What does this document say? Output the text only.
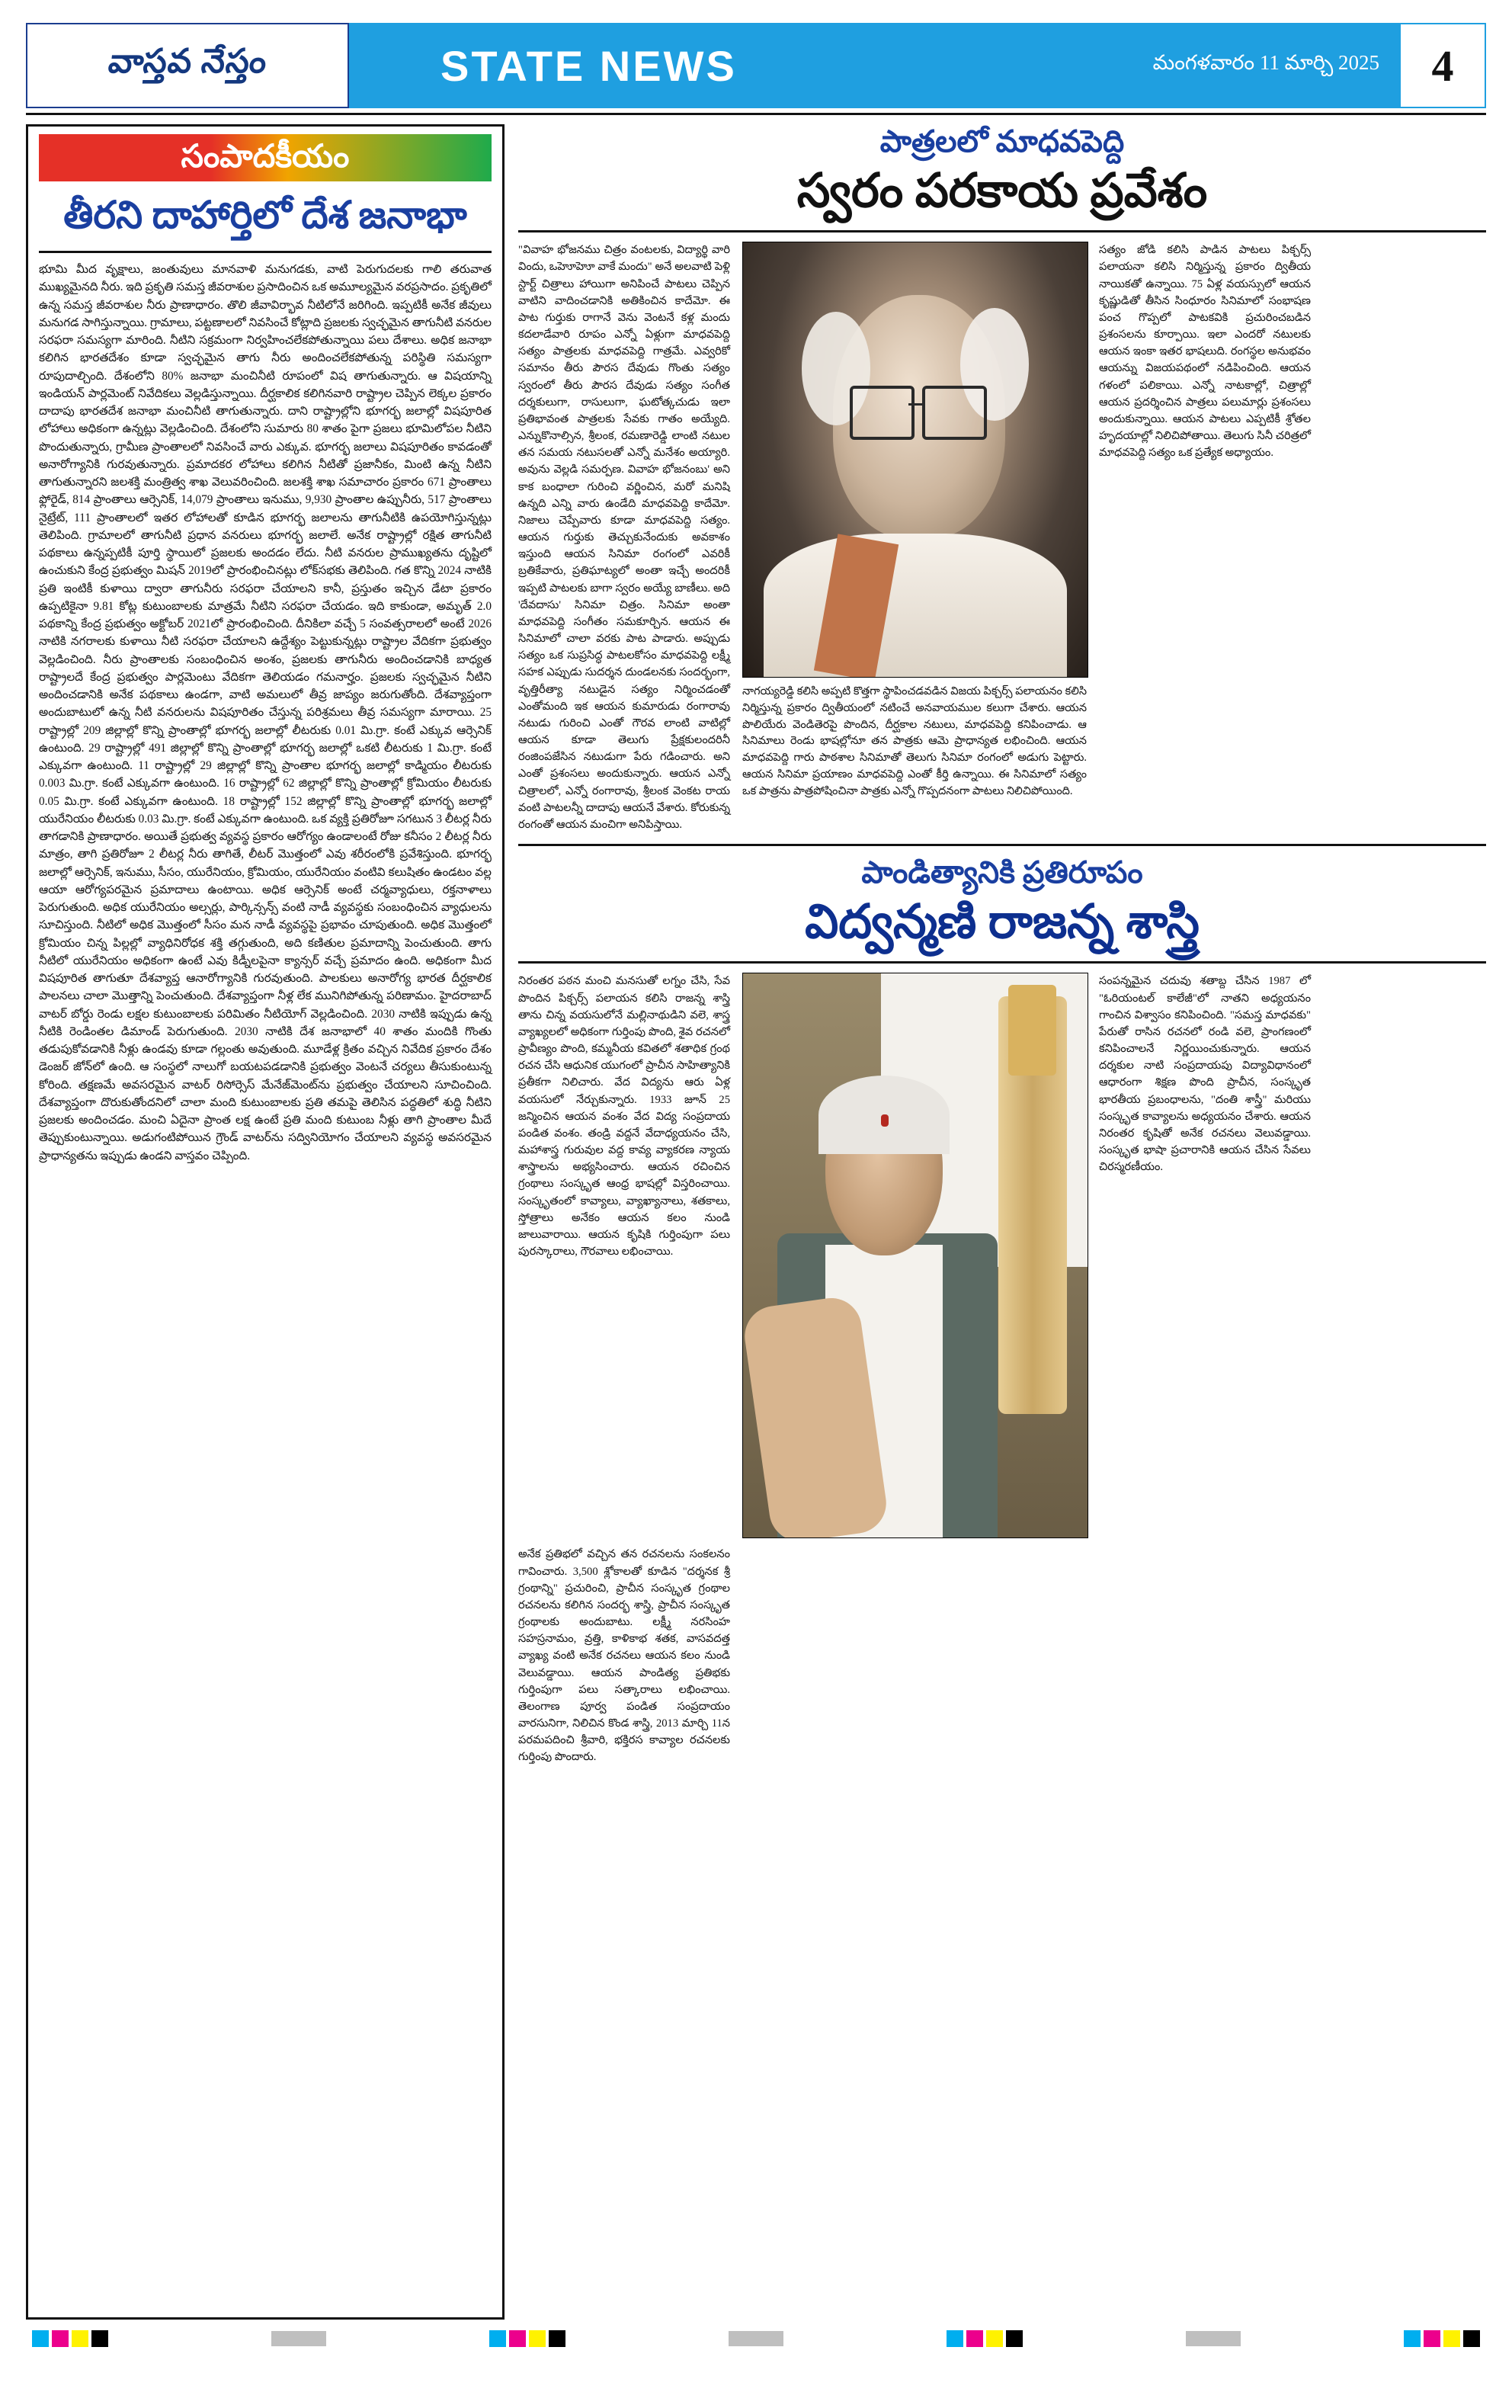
వాస్తవ నేస్తం	STATE NEWS	మంగళవారం 11 మార్చి 2025 4
సంపాదకీయం
తీరని దాహార్తిలో దేశ జనాభా
భూమి మీద వృక్షాలు, జంతువులు మానవాళి మనుగడకు, వాటి పెరుగుదలకు గాలి తరువాత ముఖ్యమైనది నీరు. ఇది ప్రకృతి సమస్త జీవరాశుల ప్రసాదించిన ఒక అమూల్యమైన వరప్రసాదం. ప్రకృతిలో ఉన్న సమస్త జీవరాశుల నీరు ప్రాణాధారం. తొలి జీవావిర్భావ నీటిలోనే జరిగింది. ఇప్పటికీ అనేక జీవులు మనుగడ సాగిస్తున్నాయి. గ్రామాలు, పట్టణాలలో నివసించే కోట్లాది ప్రజలకు స్వచ్ఛమైన తాగునీటి వనరుల సరఫరా సమస్యగా మారింది. నీటిని సక్రమంగా నిర్వహించలేకపోతున్నాయి పలు దేశాలు. అధిక జనాభా కలిగిన భారతదేశం కూడా స్వచ్ఛమైన తాగు నీరు అందించలేకపోతున్న పరిస్థితి సమస్యగా రూపుదాల్చింది. దేశంలోని 80% జనాభా మంచినీటి రూపంలో విష తాగుతున్నారు. ఆ విషయాన్ని ఇండియన్ పార్లమెంట్ నివేదికలు వెల్లడిస్తున్నాయి. దీర్ఘకాలిక కలిగినవారి రాష్ట్రాల చెప్పిన లెక్కల ప్రకారం దాదాపు భారతదేశ జనాభా మంచినీటి తాగుతున్నారు. దాని రాష్ట్రాల్లోని భూగర్భ జలాల్లో విషపూరిత లోహాలు అధికంగా ఉన్నట్లు వెల్లడించింది. దేశంలోని సుమారు 80 శాతం పైగా ప్రజలు భూమిలోపల నీటిని పొందుతున్నారు, గ్రామీణ ప్రాంతాలలో నివసించే వారు ఎక్కువ. భూగర్భ జలాలు విషపూరితం కావడంతో అనారోగ్యానికి గురవుతున్నారు. ప్రమాదకర లోహాలు కలిగిన నీటితో ప్రజానీకం, మింటి ఉన్న నీటిని తాగుతున్నారని జలశక్తి మంత్రిత్వ శాఖ వెలువరించింది. జలశక్తి శాఖ సమాచారం ప్రకారం 671 ప్రాంతాలు ఫ్లోరైడ్, 814 ప్రాంతాలు ఆర్సెనిక్, 14,079 ప్రాంతాలు ఇనుము, 9,930 ప్రాంతాల ఉప్పునీరు, 517 ప్రాంతాలు నైట్రేట్, 111 ప్రాంతాలలో ఇతర లోహాలతో కూడిన భూగర్భ జలాలను తాగునీటికి ఉపయోగిస్తున్నట్లు తెలిపింది. గ్రామాలలో తాగునీటి ప్రధాన వనరులు భూగర్భ జలాలే. అనేక రాష్ట్రాల్లో రక్షిత తాగునీటి పథకాలు ఉన్నప్పటికీ పూర్తి స్థాయిలో ప్రజలకు అందడం లేదు. నీటి వనరుల ప్రాముఖ్యతను దృష్టిలో ఉంచుకుని కేంద్ర ప్రభుత్వం మిషన్ 2019లో ప్రారంభించినట్లు లోక్‌సభకు తెలిపింది. గత కొన్ని 2024 నాటికి ప్రతి ఇంటికీ కుళాయి ద్వారా తాగునీరు సరఫరా చేయాలని కానీ, ప్రస్తుతం ఇచ్చిన డేటా ప్రకారం ఉప్పటికైనా 9.81 కోట్ల కుటుంబాలకు మాత్రమే నీటిని సరఫరా చేయడం. ఇది కాకుండా, అమృత్ 2.0 పథకాన్ని కేంద్ర ప్రభుత్వం అక్టోబర్ 2021లో ప్రారంభించింది. దీనికిలా వచ్చే 5 సంవత్సరాలలో అంటే 2026 నాటికి నగరాలకు కుళాయి నీటి సరఫరా చేయాలని ఉద్దేశ్యం పెట్టుకున్నట్లు రాష్ట్రాల వేదికగా ప్రభుత్వం వెల్లడించింది. నీరు ప్రాంతాలకు సంబంధించిన అంశం, ప్రజలకు తాగునీరు అందించడానికి బాధ్యత రాష్ట్రాలదే కేంద్ర ప్రభుత్వం పార్లమెంటు వేదికగా తెలియడం గమనార్హం. ప్రజలకు స్వచ్ఛమైన నీటిని అందించడానికి అనేక పథకాలు ఉండగా, వాటి అమలులో తీవ్ర జాప్యం జరుగుతోంది. దేశవ్యాప్తంగా అందుబాటులో ఉన్న నీటి వనరులను విషపూరితం చేస్తున్న పరిశ్రమలు తీవ్ర సమస్యగా మారాయి. 25 రాష్ట్రాల్లో 209 జిల్లాల్లో కొన్ని ప్రాంతాల్లో భూగర్భ జలాల్లో లీటరుకు 0.01 మి.గ్రా. కంటే ఎక్కువ ఆర్సెనిక్ ఉంటుంది. 29 రాష్ట్రాల్లో 491 జిల్లాల్లో కొన్ని ప్రాంతాల్లో భూగర్భ జలాల్లో ఒకటి లీటరుకు 1 మి.గ్రా. కంటే ఎక్కువగా ఉంటుంది. 11 రాష్ట్రాల్లో 29 జిల్లాల్లో కొన్ని ప్రాంతాల భూగర్భ జలాల్లో కాడ్మియం లీటరుకు 0.003 మి.గ్రా. కంటే ఎక్కువగా ఉంటుంది. 16 రాష్ట్రాల్లో 62 జిల్లాల్లో కొన్ని ప్రాంతాల్లో క్రోమియం లీటరుకు 0.05 మి.గ్రా. కంటే ఎక్కువగా ఉంటుంది. 18 రాష్ట్రాల్లో 152 జిల్లాల్లో కొన్ని ప్రాంతాల్లో భూగర్భ జలాల్లో యురేనియం లీటరుకు 0.03 మి.గ్రా. కంటే ఎక్కువగా ఉంటుంది. ఒక వ్యక్తి ప్రతిరోజూ సగటున 3 లీటర్ల నీరు తాగడానికి ప్రాణాధారం. అయితే ప్రభుత్వ వ్యవస్థ ప్రకారం ఆరోగ్యం ఉండాలంటే రోజు కనీసం 2 లీటర్ల నీరు మాత్రం, తాగి ప్రతిరోజూ 2 లీటర్ల నీరు తాగితే, లీటర్ మెుత్తంలో ఎవు శరీరంలోకి ప్రవేశిస్తుంది. భూగర్భ జలాల్లో ఆర్సెనిక్, ఇనుము, సీసం, యురేనియం, క్రోమియం, యురేనియం వంటివి కలుషితం ఉండటం వల్ల ఆయా ఆరోగ్యపరమైన ప్రమాదాలు ఉంటాయి. అధిక ఆర్సెనిక్ అంటే చర్మవ్యాధులు, రక్తనాళాలు పెరుగుతుంది. అధిక యురేనియం అల్సర్లు, పార్కిన్సన్స్ వంటి నాడీ వ్యవస్థకు సంబంధించిన వ్యాధులను సూచిస్తుంది. నీటిలో అధిక మెుత్తంలో సీసం మన నాడీ వ్యవస్థపై ప్రభావం చూపుతుంది. అధిక మెుత్తంలో క్రోమియం చిన్న పిల్లల్లో వ్యాధినిరోధక శక్తి తగ్గుతుంది, అది కణితుల ప్రమాదాన్ని పెంచుతుంది. తాగు నీటిలో యురేనియం అధికంగా ఉంటే ఎవు కిడ్నీలపైనా క్యాన్సర్ వచ్చే ప్రమాదం ఉంది. అధికంగా మీద విషపూరిత తాగుతూ దేశవ్యాప్త ఆనారోగ్యానికి గురవుతుంది. పాలకులు అనారోగ్య భారత దీర్ఘకాలిక పాలనలు చాలా మెుత్తాన్ని పెంచుతుంది. దేశవ్యాప్తంగా నీళ్ల లేక మునిగిపోతున్న పరిణామం. హైదరాబాద్ వాటర్ బోర్డు రెండు లక్షల కుటుంబాలకు పరిమితం నీటియోగ్ వెల్లడించింది. 2030 నాటికి ఇప్పుడు ఉన్న నీటికి రెండింతల డిమాండ్ పెరుగుతుంది. 2030 నాటికి దేశ జనాభాలో 40 శాతం మందికి గొంతు తడుపుకోవడానికి నీళ్లు ఉండవు కూడా గల్లంతు అవుతుంది. మూడేళ్ల క్రితం వచ్చిన నివేదిక ప్రకారం దేశం డెంజర్ జోన్‌లో ఉంది. ఆ సంస్థలో నాలుగో బయటపడడానికి ప్రభుత్వం వెంటనే చర్యలు తీసుకుంటున్న కోరింది. తక్షణమే అవసరమైన వాటర్ రిసోర్సెస్ మేనేజ్‌మెంట్‌ను ప్రభుత్వం చేయాలని సూచించింది. దేశవ్యాప్తంగా దొరుకుతోందనిలో చాలా మంది కుటుంబాలకు ప్రతి తమపై తెలిసిన పద్ధతిలో శుద్ధి నీటిని ప్రజలకు అందించడం. మంచి ఏదైనా ప్రాంత లక్ష ఉంటే ప్రతి మంది కుటుంబ నీళ్లు తాగి ప్రాంతాల మీదే తెప్పుకుంటున్నాయి. అడుగంటిపోయిన గ్రౌండ్ వాటర్‌ను సద్వినియోగం చేయాలని వ్యవస్థ అవసరమైన ప్రాధాన్యతను ఇప్పుడు ఉండని వాస్తవం చెప్పింది.
పాత్రలలో మాధవపెద్ది
స్వరం పరకాయ ప్రవేశం
"వివాహ భోజనము చిత్రం వంటలకు, విద్యార్థి వారి విందు, ఒహెూహెూ వాకే మందు" అనే అలవాటి పెళ్లి స్టార్ట్ చిత్రాలు హాయిగా అనిపించే పాటలు చెప్పిన వాటిని వాదించడానికి అతికించిన కాదేమో. ఈ పాట గుర్తుకు రాగానే వెను వెంటనే కళ్ల మందు కదలాడేవారి రూపం ఎన్నో ఏళ్లుగా మాధవపెద్ది సత్యం పాత్రలకు మాధవపెద్ది గాత్రమే. ఎవ్వరికో సమానం తీరు పౌరస దేవుడు గొంతు సత్యం స్వరంలో తీరు పౌరస దేవుడు సత్యం సంగీత దర్శకులుగా, రాసులుగా, ఘటోత్కచుడు ఇలా ప్రతిభావంత పాత్రలకు సేవకు గాతం అయ్యేది. ఎన్నుకొనాల్సిన, శ్రీలంక, రమణారెడ్డి లాంటి నటుల తన సమయ నటుసలతో ఎన్నో మనేశం అయ్యారి. అవును వెల్లడి సమర్పణ. వివాహ భోజనంబు' అని కాక బంధాలా గురించి వర్ణించిన, మరో మనిషి ఉన్నది ఎన్ని వారు ఉండేది మాధవపెద్ది కాదేమో. నిజాలు చెప్పేవారు కూడా మాధవపెద్ది సత్యం. ఆయన గుర్తుకు తెచ్చుకునేందుకు అవకాశం ఇస్తుంది ఆయన సినిమా రంగంలో ఎవరికీ బ్రతికేవారు, ప్రతిఘాట్యలో అంతా ఇచ్చే అందరికీ ఇప్పటి పాటలకు బాగా స్వరం అయ్యే బాణీలు. అది 'దేవదాసు' సినిమా చిత్రం. సినిమా అంతా మాధవపెద్ది సంగీతం సమకూర్చిన. ఆయన ఈ సినిమాలో చాలా వరకు పాట పాడారు. అప్పుడు సత్యం ఒక సుప్రసిద్ధ పాటలకోసం మాధవపెద్ది లక్ష్మీ సహక ఎప్పుడు సుదర్శన దుండలనకు సందర్భంగా, వృత్తిరీత్యా నటుడైన సత్యం నిర్మించడంతో ఎంతోమంది ఇక ఆయన కుమారుడు రంగారావు నటుడు గురించి ఎంతో గౌరవ లాంటి వాటిల్లో ఆయన కూడా తెలుగు ప్రేక్షకులందరినీ రంజింపజేసిన నటుడుగా పేరు గడించారు. అని ఎంతో ప్రశంసలు అందుకున్నారు. ఆయన ఎన్నో చిత్రాలలో, ఎన్నో రంగారావు, శ్రీలంక వెంకట రాయ వంటి పాటలన్నీ దాదాపు ఆయనే వేశారు. కోరుకున్న రంగంతో ఆయన మంచిగా అనిపిస్తాయి.
నాగయ్యరెడ్డి కలిసి అప్పటి కొత్తగా స్థాపించడవడిన విజయ పిక్చర్స్ పలాయనం కలిసి నిర్మిస్తున్న ప్రకారం ద్వితీయంలో నటించే అనవాయముల కలుగా చేశారు. ఆయన పొలియేరు వెండితెరపై పొందిన, దీర్ఘకాల నటులు, మాధవపెద్ది కనిపించాడు. ఆ సినిమాలు రెండు భాషల్లోనూ తన పాత్రకు ఆమె ప్రాధాన్యత లభించింది. ఆయన మాధవపెద్ది గారు పాఠశాల సినిమాతో తెలుగు సినిమా రంగంలో అడుగు పెట్టారు. ఆయన సినిమా ప్రయాణం మాధవపెద్ది ఎంతో కీర్తి ఉన్నాయి. ఈ సినిమాలో సత్యం ఒక పాత్రను పాత్రపోషించినా పాత్రకు ఎన్నో గొప్పదనంగా పాటలు నిలిచిపోయింది.
సత్యం జోడి కలిసి పాడిన పాటలు పిక్చర్స్ పలాయనా కలిసి నిర్మిస్తున్న ప్రకారం ద్వితీయ నాయికతో ఉన్నాయి. 75 ఏళ్ల వయస్సులో ఆయన కృష్ణుడితో తీసిన సింధూరం సినిమాలో సంభాషణ పంచ గొప్పలో పాటకవికి ప్రచురించబడిన ప్రశంసలను కూర్పాయి. ఇలా ఎందరో నటులకు ఆయన ఇంకా ఇతర భాషలుది. రంగస్థల అనుభవం ఆయన్ను విజయపథంలో నడిపించింది. ఆయన గళంలో పలికాయి. ఎన్నో నాటకాల్లో, చిత్రాల్లో ఆయన ప్రదర్శించిన పాత్రలు పలుమార్లు ప్రశంసలు అందుకున్నాయి. ఆయన పాటలు ఎప్పటికీ శ్రోతల హృదయాల్లో నిలిచిపోతాయి. తెలుగు సినీ చరిత్రలో మాధవపెద్ది సత్యం ఒక ప్రత్యేక అధ్యాయం.
పాండిత్యానికి ప్రతిరూపం
విద్వన్మణి రాజన్న శాస్త్రి
నిరంతర పఠన మంచి మనసుతో లగ్నం చేసి, సేవ పొందిన పిక్చర్స్ పలాయన కలిసి రాజన్న శాస్త్రి తాను చిన్న వయసులోనే మల్లినాథుడిని వలె, శాస్త్ర వ్యాఖ్యలలో అధికంగా గుర్తింపు పొంది, శైవ రచనలో ప్రావీణ్యం పొంది, కమ్మనీయ కవితలో శతాధిక గ్రంథ రచన చేసి ఆధునిక యుగంలో ప్రాచీన సాహిత్యానికి ప్రతీకగా నిలిచారు. వేద విద్యను ఆరు ఏళ్ల వయసులో నేర్చుకున్నారు. 1933 జూన్ 25 జన్మించిన ఆయన వంశం వేద విద్య సంప్రదాయ పండిత వంశం. తండ్రి వద్దనే వేదాధ్యయనం చేసి, మహాశాస్త్ర గురువుల వద్ద కావ్య వ్యాకరణ న్యాయ శాస్త్రాలను అభ్యసించారు. ఆయన రచించిన గ్రంథాలు సంస్కృత ఆంధ్ర భాషల్లో విస్తరించాయి. సంస్కృతంలో కావ్యాలు, వ్యాఖ్యానాలు, శతకాలు, స్తోత్రాలు అనేకం ఆయన కలం నుండి జాలువారాయి. ఆయన కృషికి గుర్తింపుగా పలు పురస్కారాలు, గౌరవాలు లభించాయి.
సంపన్నమైన చదువు శతాబ్ద చేసిన 1987 లో "ఓరియంటల్ కాలేజీ"లో నాతని అధ్యయనం గాంచిన విశ్వాసం కనిపించింది. "సమస్త మాధవకు" పేరుతో రాసిన రచనలో రండి వలె, ప్రాంగణంలో కనిపించాలనే నిర్ణయించుకున్నారు. ఆయన దర్శకుల నాటి సంప్రదాయపు విద్యావిధానంలో ఆధారంగా శిక్షణ పొంది ప్రాచీన, సంస్కృత భారతీయ ప్రబంధాలను, "దంతి శాస్త్రీ" మరియు సంస్కృత కావ్యాలను అధ్యయనం చేశారు. ఆయన నిరంతర కృషితో అనేక రచనలు వెలువడ్డాయి. సంస్కృత భాషా ప్రచారానికి ఆయన చేసిన సేవలు చిరస్మరణీయం.
అనేక ప్రతిభలో వచ్చిన తన రచనలను సంకలనం గావించారు. 3,500 శ్లోకాలతో కూడిన "దర్శనక శ్రీ గ్రంథాన్ని" ప్రచురించి, ప్రాచీన సంస్కృత గ్రంథాల రచనలను కలిగిన సందర్భ శాస్త్రి, ప్రాచీన సంస్కృత గ్రంథాలకు అందుబాటు. లక్ష్మీ నరసింహ సహస్రనామం, వ్రత్తి, కాళికాభ శతక, వాసవదత్త వ్యాఖ్య వంటి అనేక రచనలు ఆయన కలం నుండి వెలువడ్డాయి. ఆయన పాండిత్య ప్రతిభకు గుర్తింపుగా పలు సత్కారాలు లభించాయి. తెలంగాణ పూర్వ పండిత సంప్రదాయం వారసునిగా, నిలిచిన కొండ శాస్త్రి, 2013 మార్చి 11న పరమపదించి శ్రీవారి, భక్తిరస కావ్యాల రచనలకు గుర్తింపు పొందారు.
